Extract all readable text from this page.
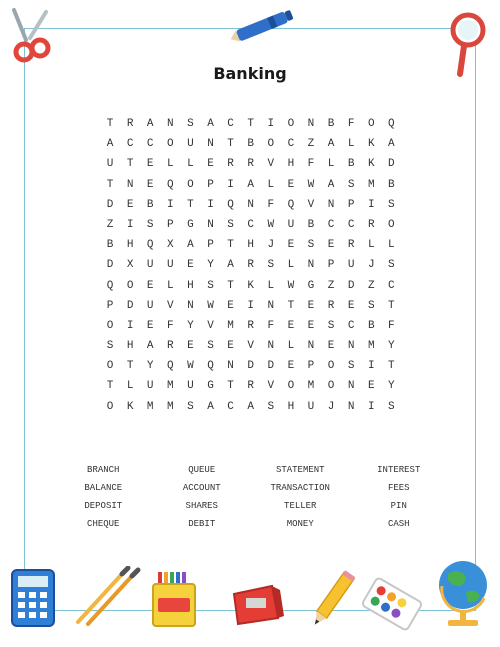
Banking
T	R	A	N	S	A	C	T	I	O	N	B	F	O	Q
A	C	C	O	U	N	T	B	O	C	Z	A	L	K	A
U	T	E	L	L	E	R	R	V	H	F	L	B	K	D
T	N	E	Q	O	P	I	A	L	E	W	A	S	M	B
D	E	B	I	T	I	Q	N	F	Q	V	N	P	I	S
Z	I	S	P	G	N	S	C	W	U	B	C	C	R	O
B	H	Q	X	A	P	T	H	J	E	S	E	R	L	L
D	X	U	U	E	Y	A	R	S	L	N	P	U	J	S
Q	O	E	L	H	S	T	K	L	W	G	Z	D	Z	C
P	D	U	V	N	W	E	I	N	T	E	R	E	S	T
O	I	E	F	Y	V	M	R	F	E	E	S	C	B	F
S	H	A	R	E	S	E	V	N	L	N	E	N	M	Y
O	T	Y	Q	W	Q	N	D	D	E	P	O	S	I	T
T	L	U	M	U	G	T	R	V	O	M	O	N	E	Y
O	K	M	M	S	A	C	A	S	H	U	J	N	I	S
BRANCH	QUEUE	STATEMENT	INTEREST
BALANCE	ACCOUNT	TRANSACTION	FEES
DEPOSIT	SHARES	TELLER	PIN
CHEQUE	DEBIT	MONEY	CASH
